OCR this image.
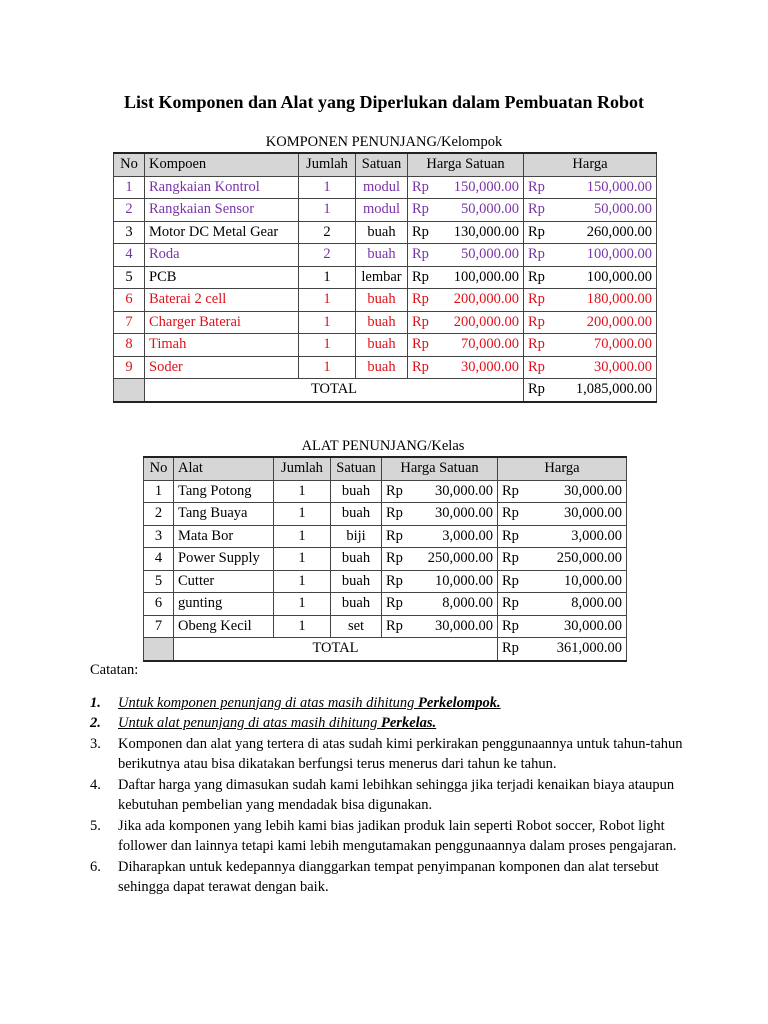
List Komponen dan Alat yang Diperlukan dalam Pembuatan Robot
KOMPONEN PENUNJANG/Kelompok
No	Kompoen	Jumlah	Satuan	Harga Satuan	Harga
1	Rangkaian Kontrol	1	modul	Rp 150,000.00	Rp 150,000.00

2	Rangkaian Sensor	1	modul	Rp 50,000.00	Rp 50,000.00

3	Motor DC Metal Gear	2	buah	Rp 130,000.00	Rp 260,000.00

4	Roda	2	buah	Rp 50,000.00	Rp 100,000.00

5	PCB	1	lembar	Rp 100,000.00	Rp 100,000.00

6	Baterai 2 cell	1	buah	Rp 200,000.00	Rp 180,000.00

7	Charger Baterai	1	buah	Rp 200,000.00	Rp 200,000.00

8	Timah	1	buah	Rp 70,000.00	Rp 70,000.00

9	Soder	1	buah	Rp 30,000.00	Rp 30,000.00

	TOTAL				Rp 1,085,000.00
ALAT PENUNJANG/Kelas
No	Alat	Jumlah	Satuan	Harga Satuan	Harga
1	Tang Potong	1	buah	Rp 30,000.00	Rp 30,000.00

2	Tang Buaya	1	buah	Rp 30,000.00	Rp 30,000.00

3	Mata Bor	1	biji	Rp 3,000.00	Rp 3,000.00

4	Power Supply	1	buah	Rp 250,000.00	Rp 250,000.00

5	Cutter	1	buah	Rp 10,000.00	Rp 10,000.00

6	gunting	1	buah	Rp 8,000.00	Rp 8,000.00

7	Obeng Kecil	1	set	Rp 30,000.00	Rp 30,000.00

	TOTAL				Rp 361,000.00
Catatan:
1.	Untuk komponen penunjang di atas masih dihitung Perkelompok.
2.	Untuk alat penunjang di atas masih dihitung Perkelas.
3.	Komponen dan alat yang tertera di atas sudah kimi perkirakan penggunaannya untuk tahun-tahun berikutnya atau bisa dikatakan berfungsi terus menerus dari tahun ke tahun.
4.	Daftar harga yang dimasukan sudah kami lebihkan sehingga jika terjadi kenaikan biaya ataupun kebutuhan pembelian yang mendadak bisa digunakan.
5.	Jika ada komponen yang lebih kami bias jadikan produk lain seperti Robot soccer, Robot light follower dan lainnya tetapi kami lebih mengutamakan penggunaannya dalam proses pengajaran.
6.	Diharapkan untuk kedepannya dianggarkan tempat penyimpanan komponen dan alat tersebut sehingga dapat terawat dengan baik.
